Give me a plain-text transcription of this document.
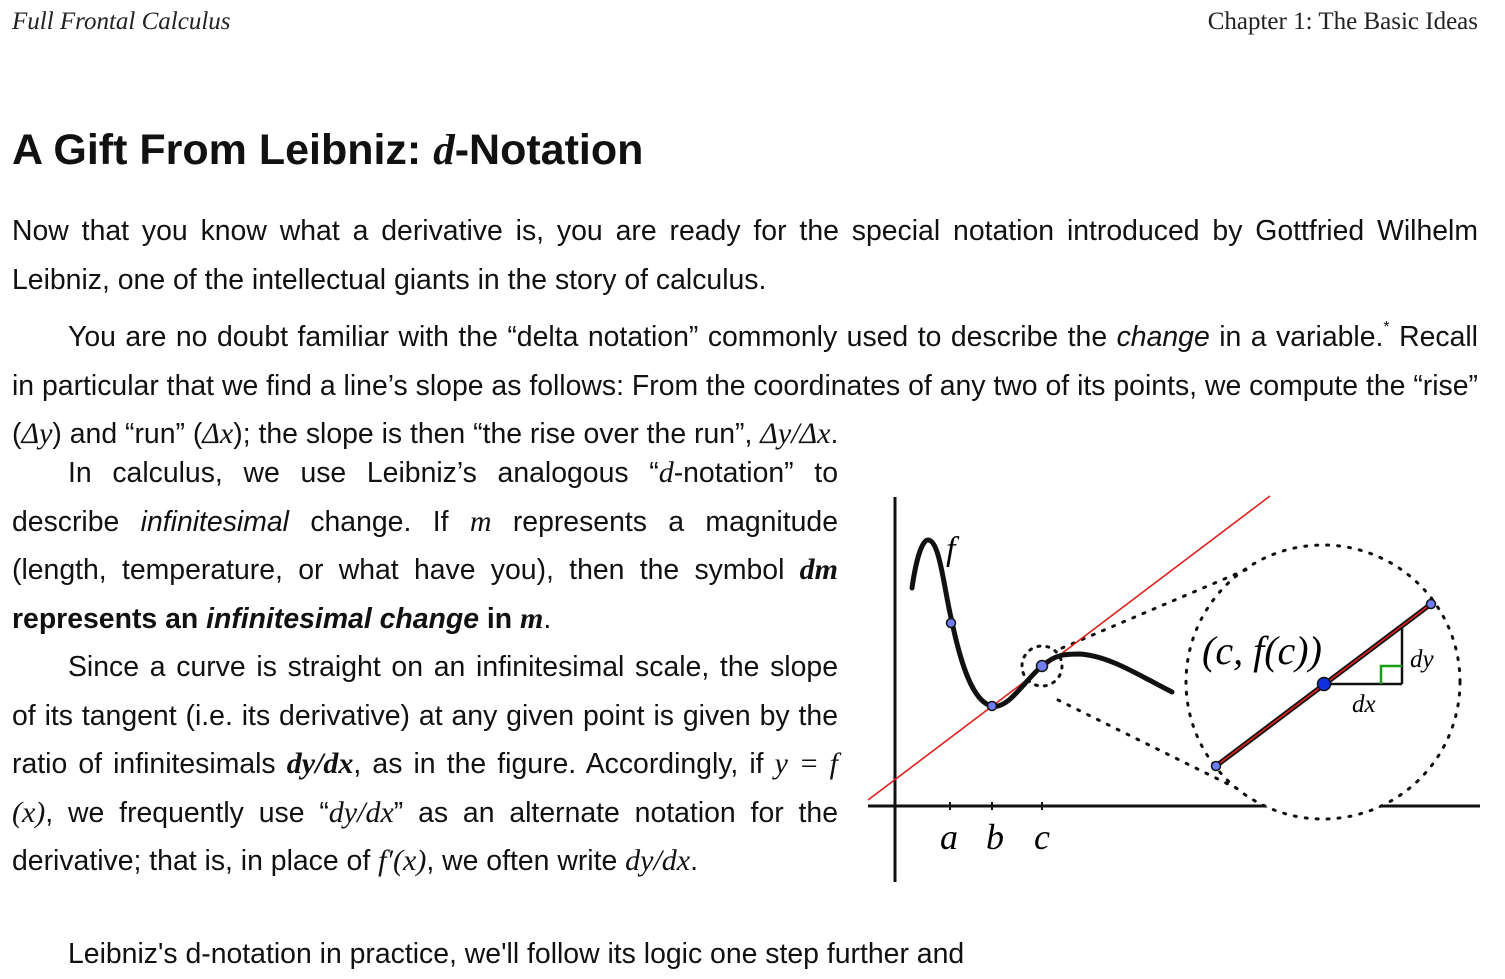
Full Frontal Calculus	Chapter 1: The Basic Ideas
A Gift From Leibniz: d-Notation

Now that you know what a derivative is, you are ready for the special notation introduced by Gottfried Wilhelm Leibniz, one of the intellectual giants in the story of calculus.

You are no doubt familiar with the “delta notation” commonly used to describe the change in a variable.* Recall in particular that we find a line’s slope as follows: From the coordinates of any two of its points, we compute the “rise” (Δy) and “run” (Δx); the slope is then “the rise over the run”, Δy/Δx.

In calculus, we use Leibniz’s analogous “d-notation” to describe infinitesimal change. If m represents a magnitude (length, temperature, or what have you), then the symbol dm represents an infinitesimal change in m.

Since a curve is straight on an infinitesimal scale, the slope of its tangent (i.e. its derivative) at any given point is given by the ratio of infinitesimals dy/dx, as in the figure. Accordingly, if y = f (x), we frequently use “dy/dx” as an alternate notation for the derivative; that is, in place of f′(x), we often write dy/dx.

Leibniz's d-notation in practice, we'll follow its logic one step further and
f
a b c
(c, f(c))	dy
dx
